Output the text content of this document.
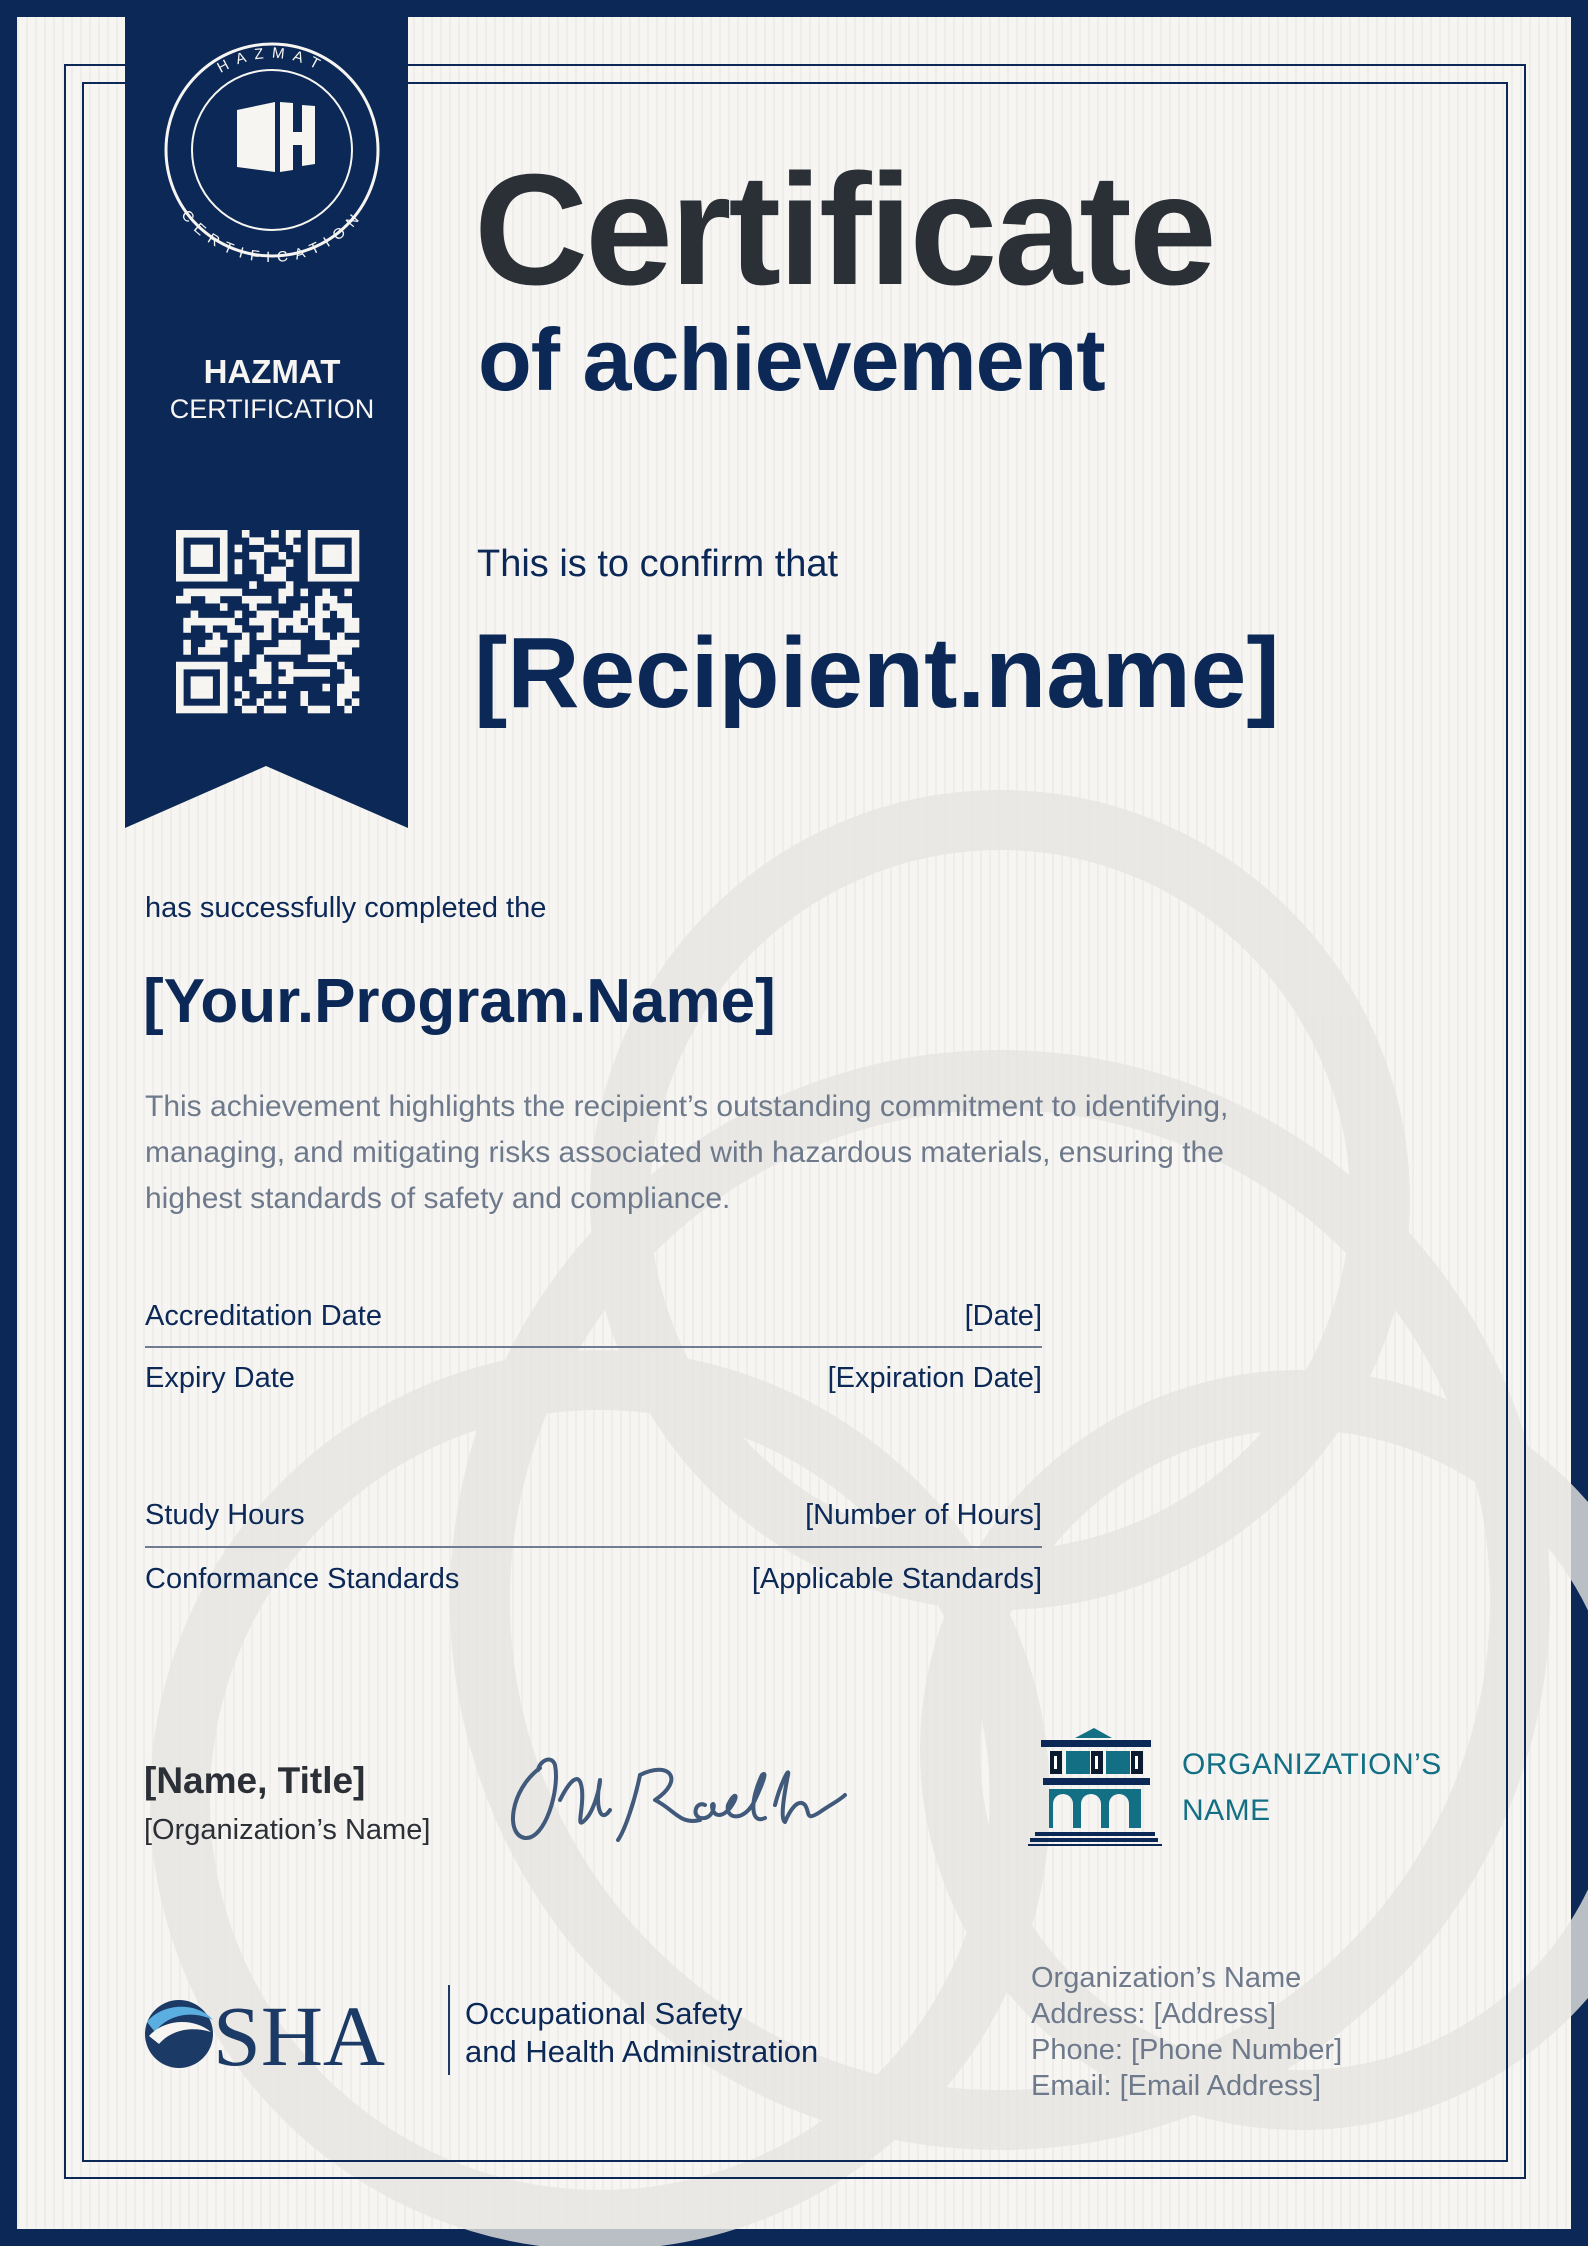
HAZMAT
CERTIFICATION
HAZMAT
CERTIFICATION
Certificate
of achievement
This is to confirm that
[Recipient.name]
has successfully completed the
[Your.Program.Name]
This achievement highlights the recipient’s outstanding commitment to identifying,
managing, and mitigating risks associated with hazardous materials, ensuring the
highest standards of safety and compliance.
Accreditation Date	[Date]
Expiry Date	[Expiration Date]
Study Hours	[Number of Hours]
Conformance Standards	[Applicable Standards]
[Name, Title]
[Organization’s Name]
ORGANIZATION’S
NAME
SHA	Occupational Safety
and Health Administration
Organization’s Name
Address: [Address]
Phone: [Phone Number]
Email: [Email Address]
